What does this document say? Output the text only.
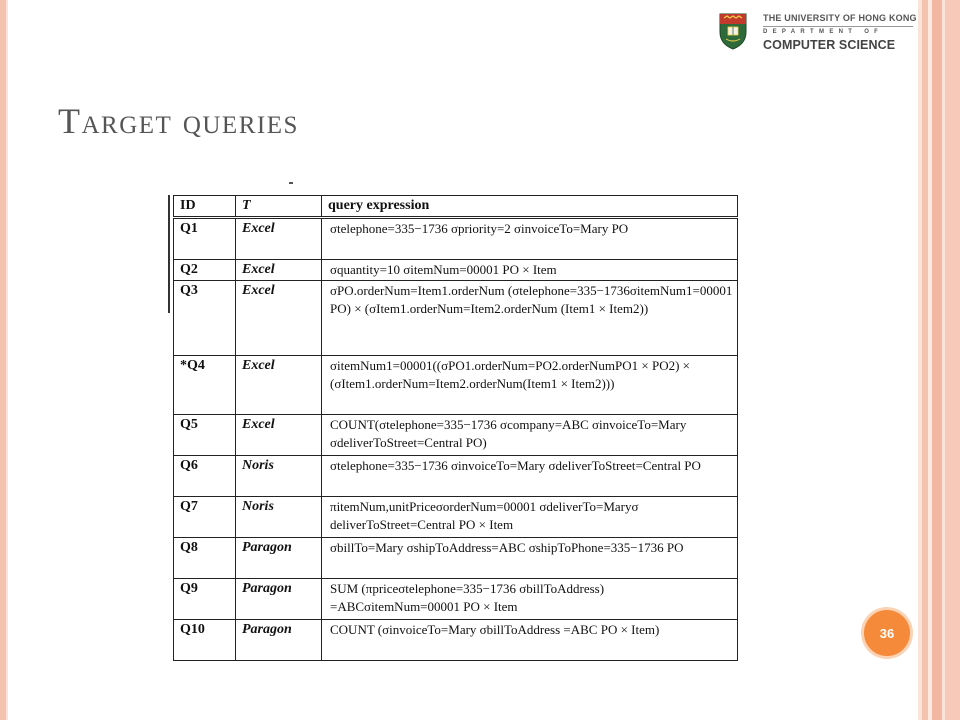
THE UNIVERSITY OF HONG KONG
DEPARTMENT OF
COMPUTER SCIENCE
Target queries
ID	T	query expression
Q1	Excel	σtelephone=335−1736 σpriority=2 σinvoiceTo=Mary PO
Q2	Excel	σquantity=10 σitemNum=00001 PO × Item
Q3	Excel	σPO.orderNum=Item1.orderNum (σtelephone=335−1736σitemNum1=00001 PO) × (σItem1.orderNum=Item2.orderNum (Item1 × Item2))
*Q4	Excel	σitemNum1=00001((σPO1.orderNum=PO2.orderNumPO1 × PO2) × (σItem1.orderNum=Item2.orderNum(Item1 × Item2)))
Q5	Excel	COUNT(σtelephone=335−1736 σcompany=ABC σinvoiceTo=Mary σdeliverToStreet=Central PO)
Q6	Noris	σtelephone=335−1736 σinvoiceTo=Mary σdeliverToStreet=Central PO
Q7	Noris	πitemNum,unitPriceσorderNum=00001 σdeliverTo=Maryσ deliverToStreet=Central PO × Item
Q8	Paragon	σbillTo=Mary σshipToAddress=ABC σshipToPhone=335−1736 PO
Q9	Paragon	SUM (πpriceσtelephone=335−1736 σbillToAddress) =ABCσitemNum=00001 PO × Item
Q10	Paragon	COUNT (σinvoiceTo=Mary σbillToAddress =ABC PO × Item)	36
